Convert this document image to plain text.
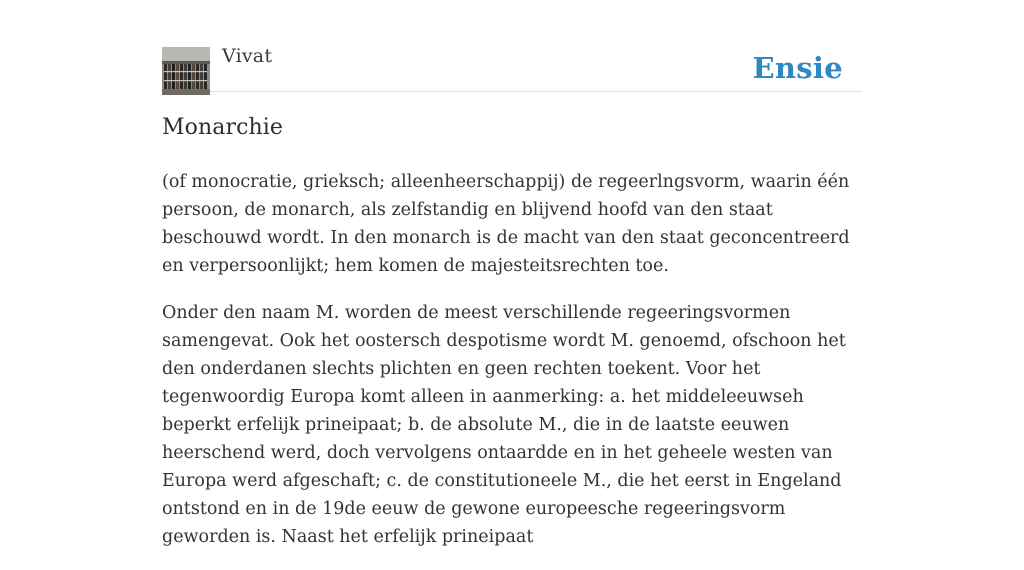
Vivat	Ensie
Monarchie

(of monocratie, grieksch; alleenheerschappij) de regeerlngsvorm, waarin één persoon, de monarch, als zelfstandig en blijvend hoofd van den staat beschouwd wordt. In den monarch is de macht van den staat geconcentreerd en verpersoonlijkt; hem komen de majesteitsrechten toe.

Onder den naam M. worden de meest verschillende regeeringsvormen samengevat. Ook het oostersch despotisme wordt M. genoemd, ofschoon het den onderdanen slechts plichten en geen rechten toekent. Voor het tegenwoordig Europa komt alleen in aanmerking: a. het middeleeuwseh beperkt erfelijk prineipaat; b. de absolute M., die in de laatste eeuwen heerschend werd, doch vervolgens ontaardde en in het geheele westen van Europa werd afgeschaft; c. de constitutioneele M., die het eerst in Engeland ontstond en in de 19de eeuw de gewone europeesche regeeringsvorm geworden is. Naast het erfelijk prineipaat
